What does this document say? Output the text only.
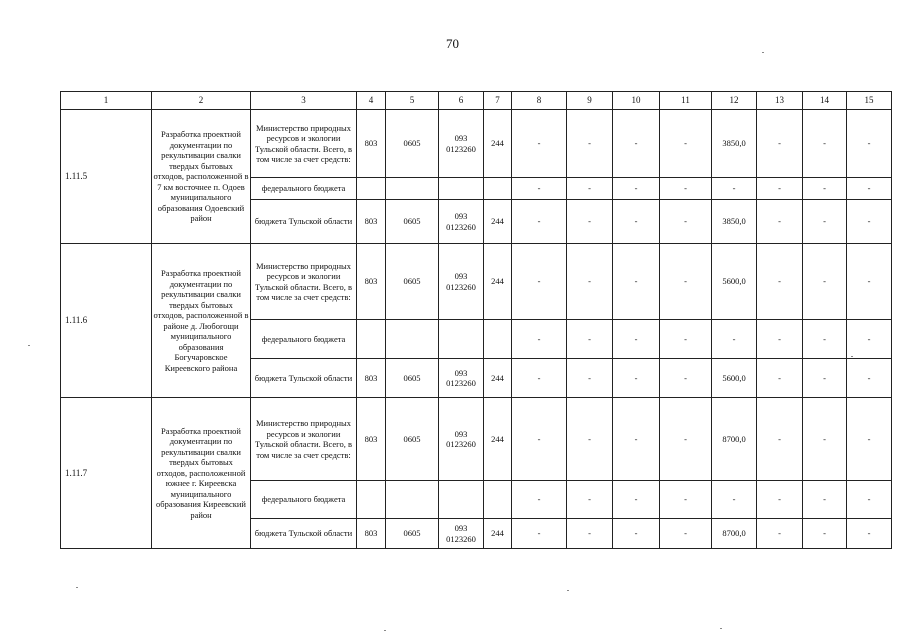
70
1	2	3	4	5	6	7	8	9	10	11	12	13	14	15
1.11.5	Разработка проектной документации по рекультивации свалки твердых бытовых отходов, расположенной в 7 км восточнее п. Одоев муниципального образования Одоевский район	Министерство природных ресурсов и экологии Тульской области. Всего, в том числе за счет средств:	803	0605	093 0123260	244	-	-	-	-	3850,0	-	-	-
		федерального бюджета					-	-	-	-	-	-	-	-
		бюджета Тульской области	803	0605	093 0123260	244	-	-	-	-	3850,0	-	-	-
1.11.6	Разработка проектной документации по рекультивации свалки твердых бытовых отходов, расположенной в районе д. Любогощи муниципального образования Богучаровское Киреевского района	Министерство природных ресурсов и экологии Тульской области. Всего, в том числе за счет средств:	803	0605	093 0123260	244	-	-	-	-	5600,0	-	-	-
		федерального бюджета					-	-	-	-	-	-	-	-
		бюджета Тульской области	803	0605	093 0123260	244	-	-	-	-	5600,0	-	-	-
1.11.7	Разработка проектной документации по рекультивации свалки твердых бытовых отходов, расположенной южнее г. Киреевска муниципального образования Киреевский район	Министерство природных ресурсов и экологии Тульской области. Всего, в том числе за счет средств:	803	0605	093 0123260	244	-	-	-	-	8700,0	-	-	-
		федерального бюджета					-	-	-	-	-	-	-	-
		бюджета Тульской области	803	0605	093 0123260	244	-	-	-	-	8700,0	-	-	-
